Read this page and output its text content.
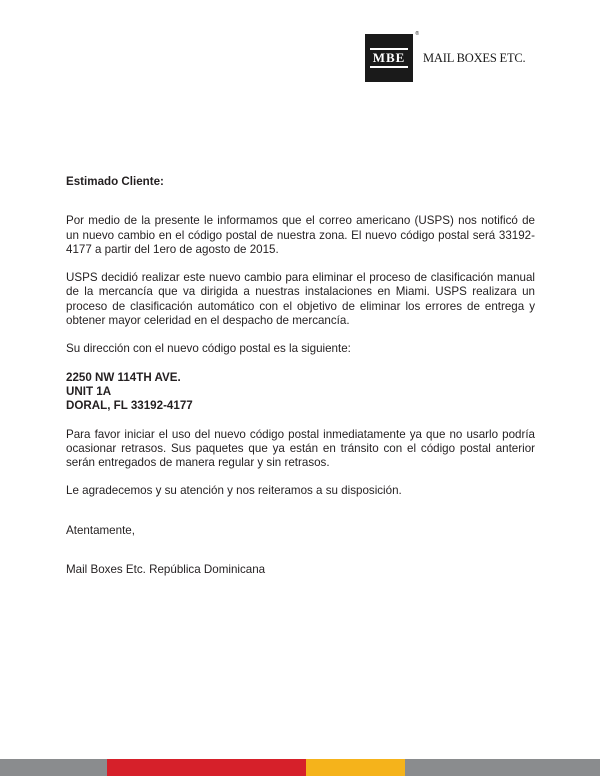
MBE
®
MAIL BOXES ETC.

Estimado Cliente:

Por medio de la presente le informamos que el correo americano (USPS) nos notificó de un nuevo cambio en el código postal de nuestra zona. El nuevo código postal será 33192-4177 a partir del 1ero de agosto de 2015.

USPS decidió realizar este nuevo cambio para eliminar el proceso de clasificación manual de la mercancía que va dirigida a nuestras instalaciones en Miami. USPS realizara un proceso de clasificación automático con el objetivo de eliminar los errores de entrega y obtener mayor celeridad en el despacho de mercancía.

Su dirección con el nuevo código postal es la siguiente:

2250 NW 114TH AVE.
UNIT 1A
DORAL, FL 33192-4177

Para favor iniciar el uso del nuevo código postal inmediatamente ya que no usarlo podría ocasionar retrasos. Sus paquetes que ya están en tránsito con el código postal anterior serán entregados de manera regular y sin retrasos.

Le agradecemos y su atención y nos reiteramos a su disposición.

Atentamente,

Mail Boxes Etc. República Dominicana
